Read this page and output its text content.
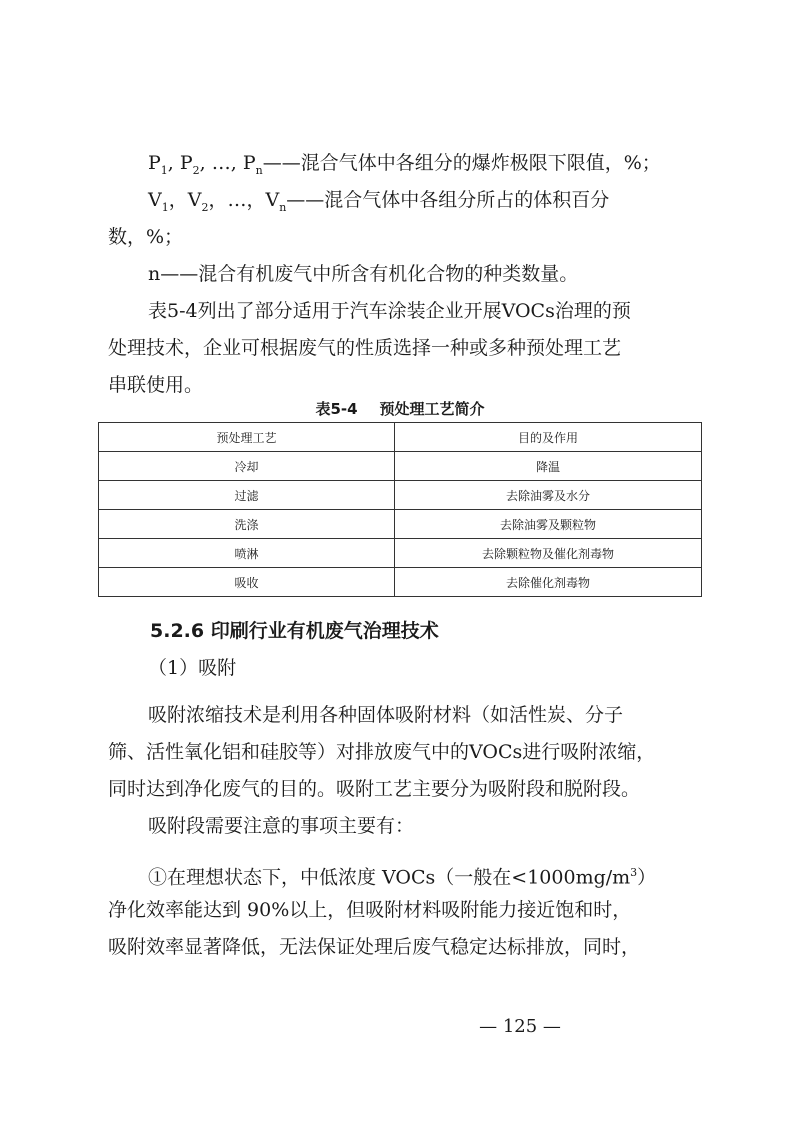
$P_1$, $P_2$, …, $P_n——$混合气体中各组分的爆炸极限下限值，%；
$V_1$，$V_2$，…，$V_n——$混合气体中各组分所占的体积百分
数，%；
n——混合有机废气中所含有机化合物的种类数量。
表5-4列出了部分适用于汽车涂装企业开展VOCs治理的预
处理技术，企业可根据废气的性质选择一种或多种预处理工艺
串联使用。
表5-4 预处理工艺简介
预处理工艺	目的及作用
冷却	降温
过滤	去除油雾及水分
洗涤	去除油雾及颗粒物
喷淋	去除颗粒物及催化剂毒物
吸收	去除催化剂毒物
5.2.6 印刷行业有机废气治理技术
（1）吸附
吸附浓缩技术是利用各种固体吸附材料（如活性炭、分子
筛、活性氧化铝和硅胶等）对排放废气中的VOCs进行吸附浓缩，
同时达到净化废气的目的。吸附工艺主要分为吸附段和脱附段。
吸附段需要注意的事项主要有：
①在理想状态下，中低浓度 VOCs（一般在$<1000mg/m^3$）
净化效率能达到 90%以上，但吸附材料吸附能力接近饱和时，
吸附效率显著降低，无法保证处理后废气稳定达标排放，同时，
— 125 —
